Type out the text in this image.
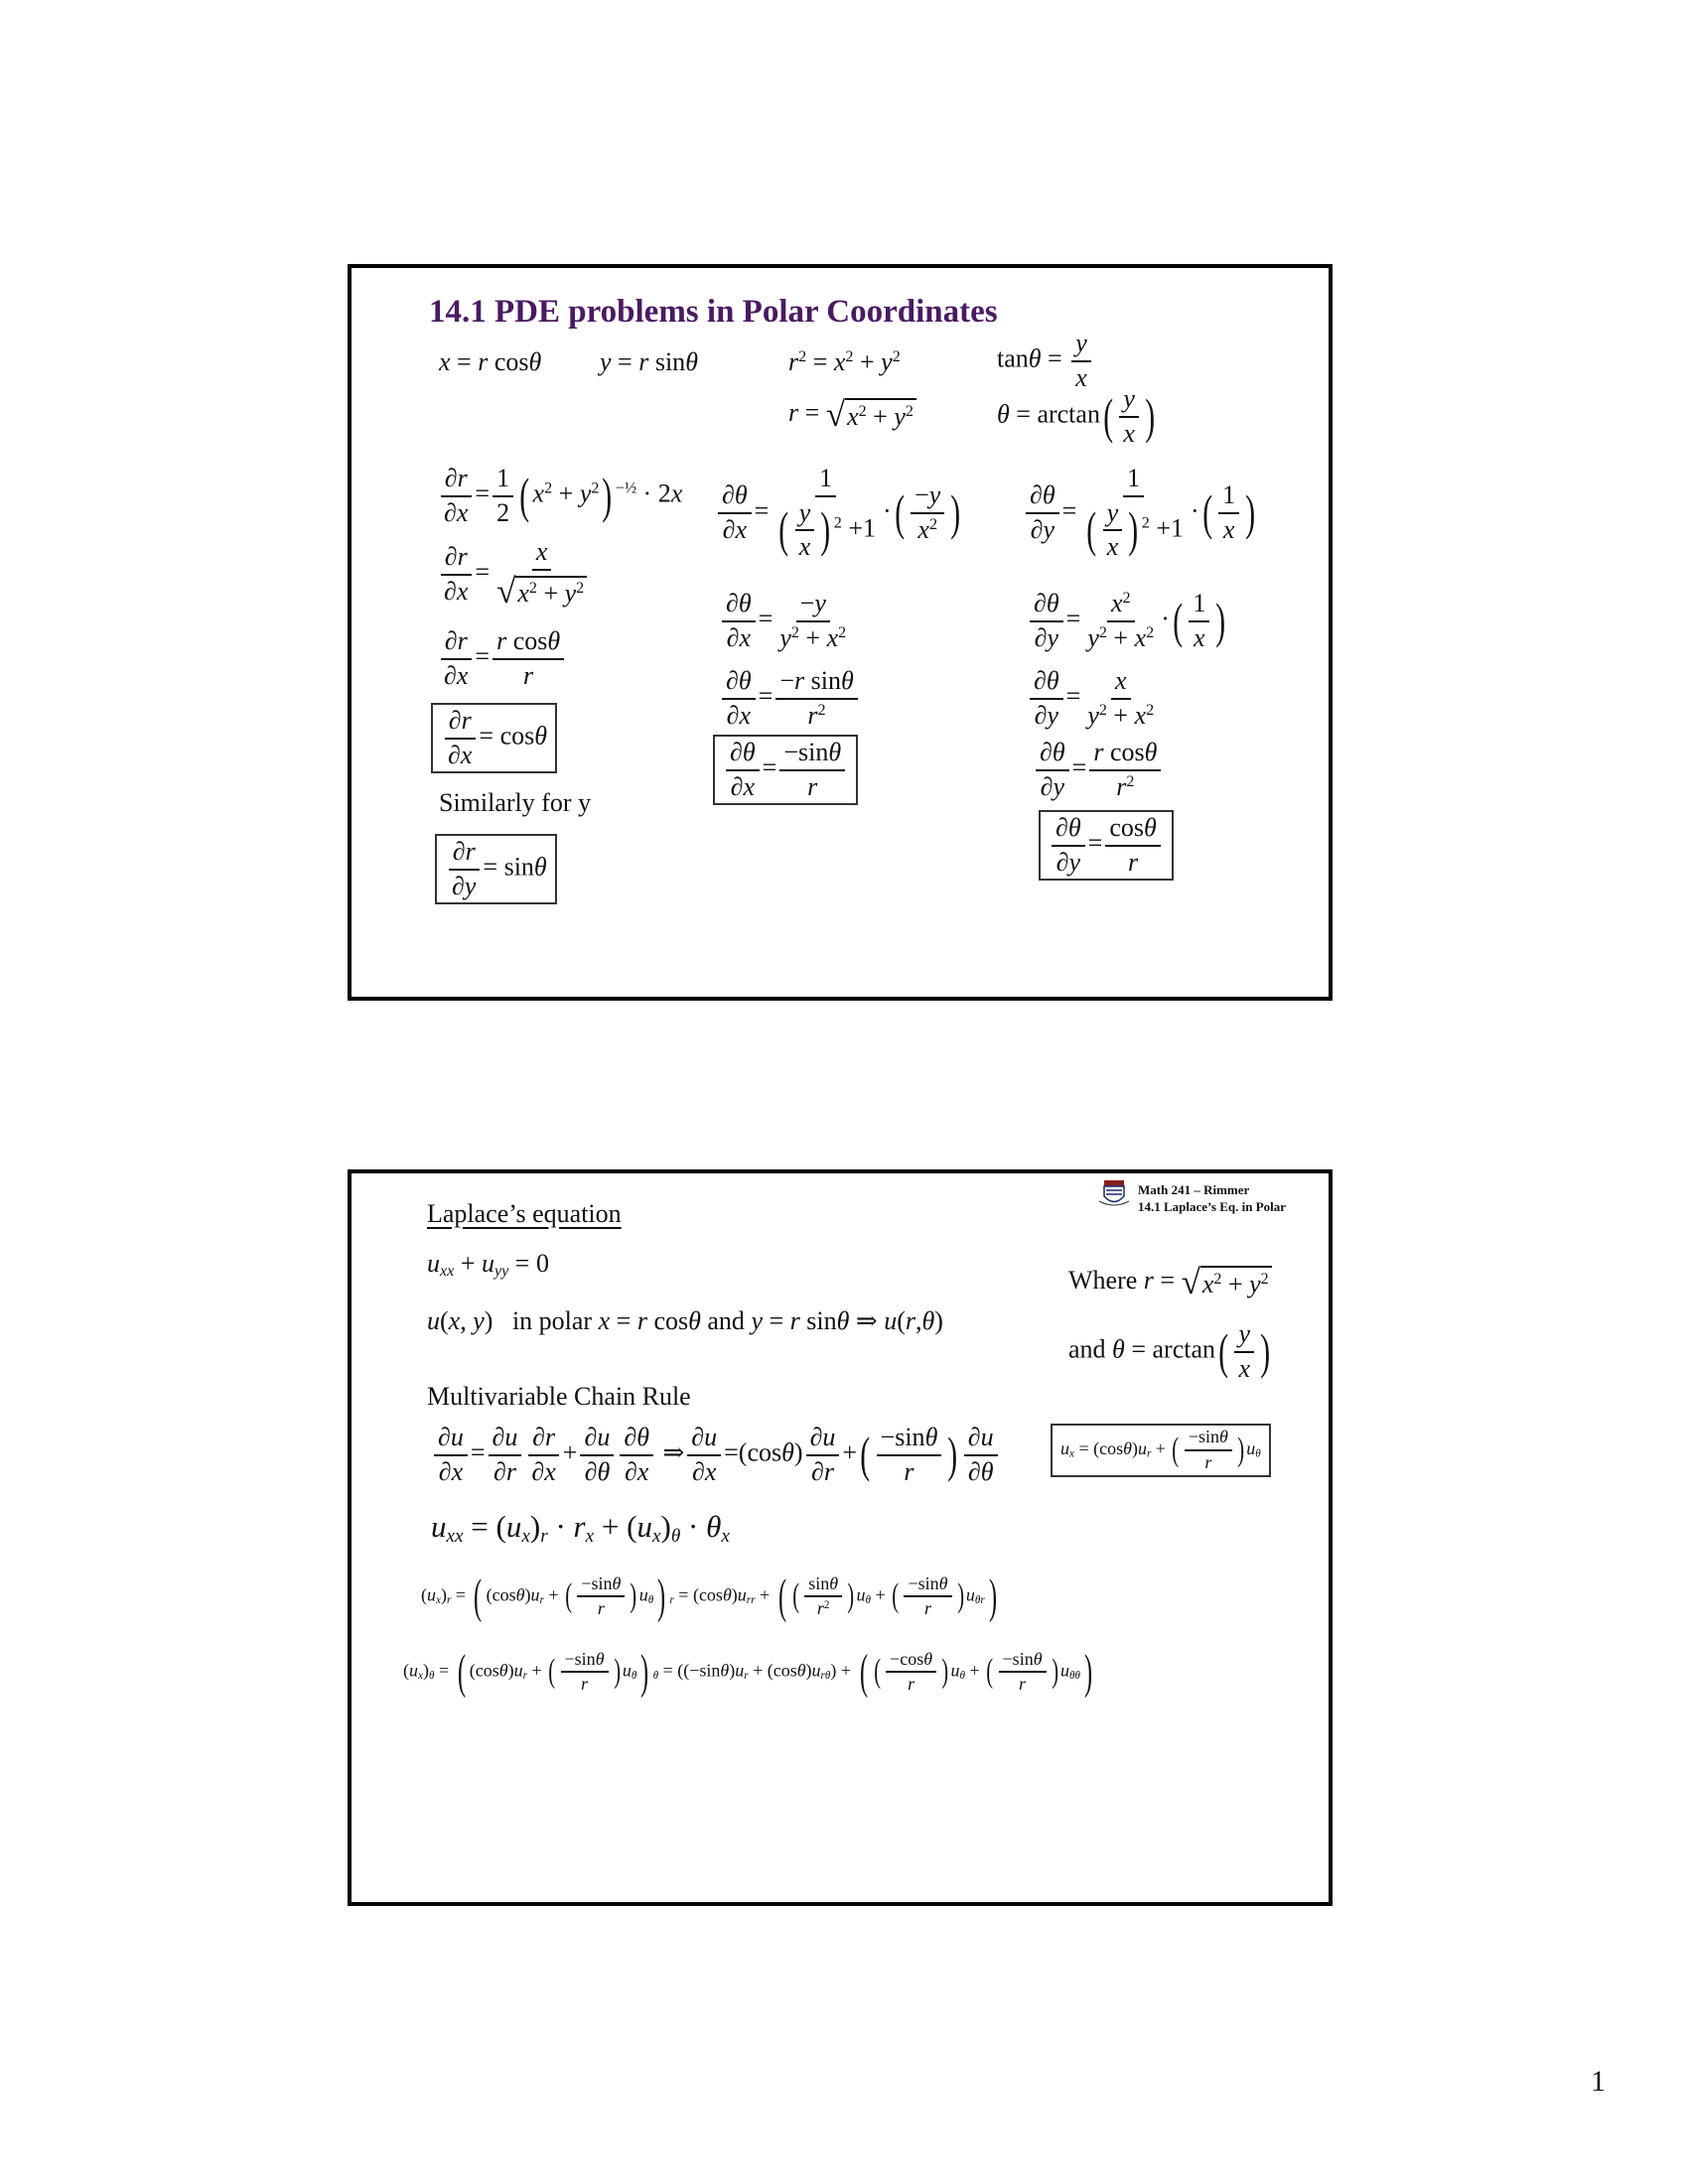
14.1 PDE problems in Polar Coordinates
x = r cosθ y = r sinθ	$r^2 = x^2 + y^2$
$r = √x^2 + y^2$
$\tan\theta = \frac{y}{x}$
$\theta = \arctan( \frac{y}{x}$ )
$\frac{\partial r}{\partial x} = \frac{1}{2}$ ( $x^2 + y^2$) $^{-\frac{1}{2}}$ · 2x
$\frac{\partial r}{\partial x} = \frac{x}{√x^2 + y^2}$
$\frac{\partial r}{\partial x} = \frac{\text{r cosθ}}{r}$
$\frac{\partial r}{\partial x} = \cos\theta$
Similarly for y
$\frac{\partial r}{\partial y} = \sin\theta$
$\frac{\partial\theta}{\partial x} = \frac{1}{( \frac{y}{x} ) ^2 +1}$ ·( $\frac{-y}{x^2}$ )
$\frac{\partial\theta}{\partial x} = \frac{-y}{y^2 + x^2}$
$\frac{\partial\theta}{\partial x} = \frac{\text{−r sinθ}}{r^2}$
$\frac{\partial\theta}{\partial x} = \frac{-\sin\theta}{r}$
$\frac{\partial\theta}{\partial y} = \frac{1}{( \frac{y}{x} ) ^2 +1}$ ·( $\frac{1}{x}$ )
$\frac{\partial\theta}{\partial y} = \frac{x^2}{y^2 + x^2}$ ·( $\frac{1}{x}$ )
$\frac{\partial\theta}{\partial y} = \frac{x}{y^2 + x^2}$
$\frac{\partial\theta}{\partial y} = \frac{\text{r cosθ}}{r^2}$
$\frac{\partial\theta}{\partial y} = \frac{\cos\theta}{r}$
Math 241 – Rimmer
14.1 Laplace’s Eq. in Polar
Laplace’s equation
$u_{xx} + u_{yy} = 0$
u(x, y)   in polar x = r cosθ and y = r sinθ ⇒ u(r,θ)
Where $r = √x^2 + y^2$
and $\theta = \arctan( \frac{y}{x}$ )
Multivariable Chain Rule
$\frac{\partial u}{\partial x} = \frac{\partial u}{\partial r} \frac{\partial r}{\partial x} + \frac{\partial u}{\partial\theta} \frac{\partial\theta}{\partial x}$ ⇒ $\frac{\partial u}{\partial x} =(\cos\theta) \frac{\partial u}{\partial r}$ +( $\frac{-\sin\theta}{r}$ ) $\frac{\partial u}{\partial\theta}$	$u_x = (\cos\theta)u_r$ + ( $\frac{-\sin\theta}{r}$ ) $u_\theta$
$u_{xx} = (u_x)_r \cdot r_x + (u_x)_\theta \cdot \theta_x$
$(u_x)_r$ = ( $(\cos\theta)u_r$ + ( $\frac{-\sin\theta}{r}$ ) $u_\theta$) $_r = (\cos\theta)u_{rr}$ + ( ( $\frac{\sin\theta}{r^2}$ ) $u_\theta$ + ( $\frac{-\sin\theta}{r}$ ) $u_{\theta r}$)
$(u_x)_\theta$ = ( $(\cos\theta)u_r$ + ( $\frac{-\sin\theta}{r}$ ) $u_\theta$) $_\theta = ((-\sin\theta)u_r + (\cos\theta)u_{r\theta})$ + ( ( $\frac{-\cos\theta}{r}$ ) $u_\theta$ + ( $\frac{-\sin\theta}{r}$ ) $u_{\theta\theta}$)
1
